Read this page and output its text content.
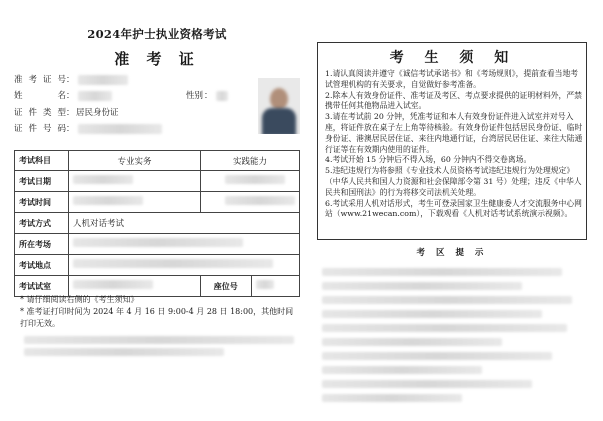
2024年护士执业资格考试
准 考 证
准考证号 ：
姓 名 ：	性别 ：
证件类型 ： 居民身份证
证件号码 ：
考试科目	专业实务	实践能力	
考试日期			
考试时间			
考试方式	人机对话考试		
所在考场			
考试地点			
考试试室		座位号	
* 请仔细阅读右侧的《考生须知》
* 准考证打印时间为 2024 年 4 月 16 日 9:00-4 月 28 日 18:00，其他时间打印无效。
考 生 须 知

1.请认真阅读并遵守《诚信考试承诺书》和《考场规则》，提前查看当地考试管理机构的有关要求，自觉做好参考准备。

2.除本人有效身份证件、准考证及考区、考点要求提供的证明材料外，严禁携带任何其他物品进入试室。

3.请在考试前 20 分钟，凭准考证和本人有效身份证件进入试室并对号入座，将证件放在桌子左上角等待核验。有效身份证件包括居民身份证、临时身份证、港澳居民居住证、来往内地通行证，台湾居民居住证、来往大陆通行证等在有效期内使用的证件。

4.考试开始 15 分钟后不得入场，60 分钟内不得交卷离场。

5.违纪违规行为将参照《专业技术人员资格考试违纪违规行为处理规定》（中华人民共和国人力资源和社会保障部令第 31 号）处理；违反《中华人民共和国刑法》的行为将移交司法机关处理。

6.考试采用人机对话形式，考生可登录国家卫生健康委人才交流服务中心网站（www.21wecan.com），下载观看《人机对话考试系统演示视频》。

考 区 提 示
